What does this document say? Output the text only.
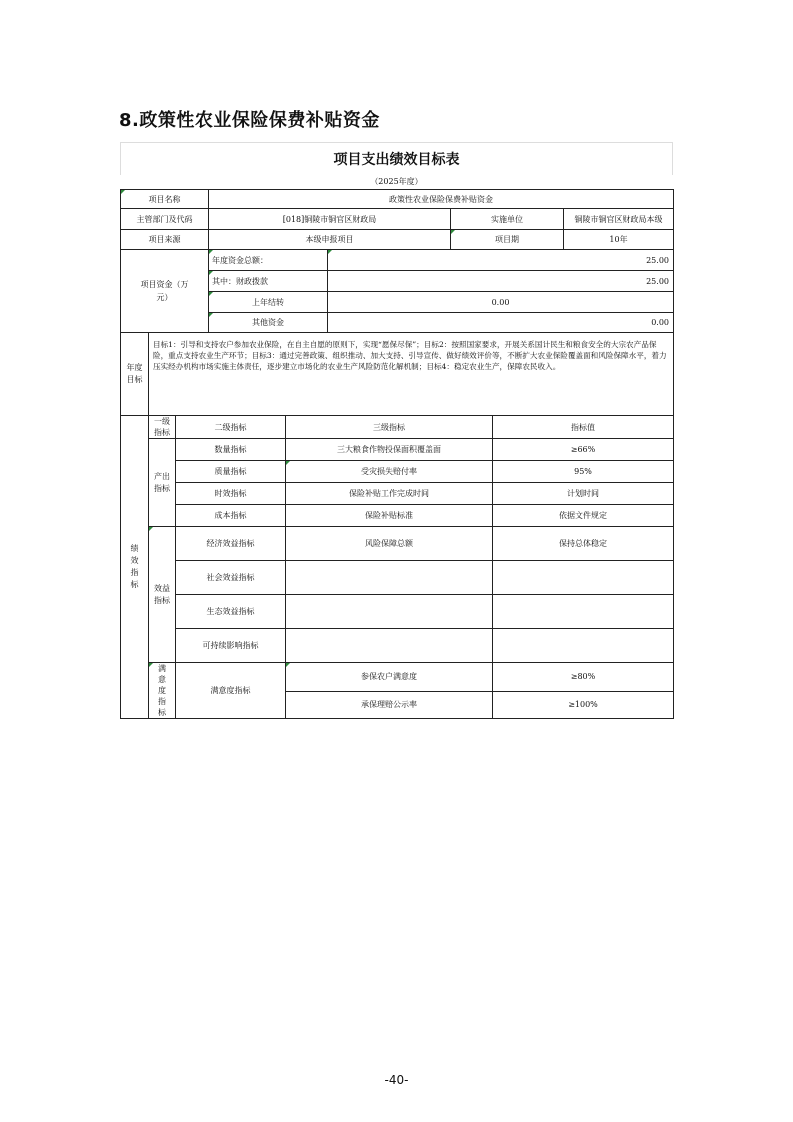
8.政策性农业保险保费补贴资金
项目支出绩效目标表
（2025年度）
项目名称			政策性农业保险保费补贴资金					
主管部门及代码			[018]铜陵市铜官区财政局			实施单位		铜陵市铜官区财政局本级
项目来源			本级申报项目			项目期		10年
项目资金（万元）			年度资金总额：		25.00			
			其中：财政拨款		25.00			
			上年结转		0.00			
			其他资金		0.00			
年度目标	目标1：引导和支持农户参加农业保险，在自主自愿的原则下，实现“愿保尽保”；目标2：按照国家要求，开展关系国计民生和粮食安全的大宗农产品保险，重点支持农业生产环节；目标3：通过完善政策、组织推动、加大支持、引导宣传、做好绩效评价等，不断扩大农业保险覆盖面和风险保障水平，着力压实经办机构市场实施主体责任，逐步建立市场化的农业生产风险防范化解机制；目标4：稳定农业生产，保障农民收入。							
绩效指标	一级指标	二级指标		三级指标			指标值	
	产出指标	数量指标		三大粮食作物投保面积覆盖面			≥66%	
		质量指标		受灾损失赔付率			95%	
		时效指标		保险补贴工作完成时间			计划时间	
		成本指标		保险补贴标准			依据文件规定	
	效益指标	经济效益指标		风险保障总额			保持总体稳定	
		社会效益指标						
		生态效益指标						
		可持续影响指标						
	满意度指标	满意度指标		参保农户满意度			≥80%	
				承保理赔公示率			≥100%	
-40-
